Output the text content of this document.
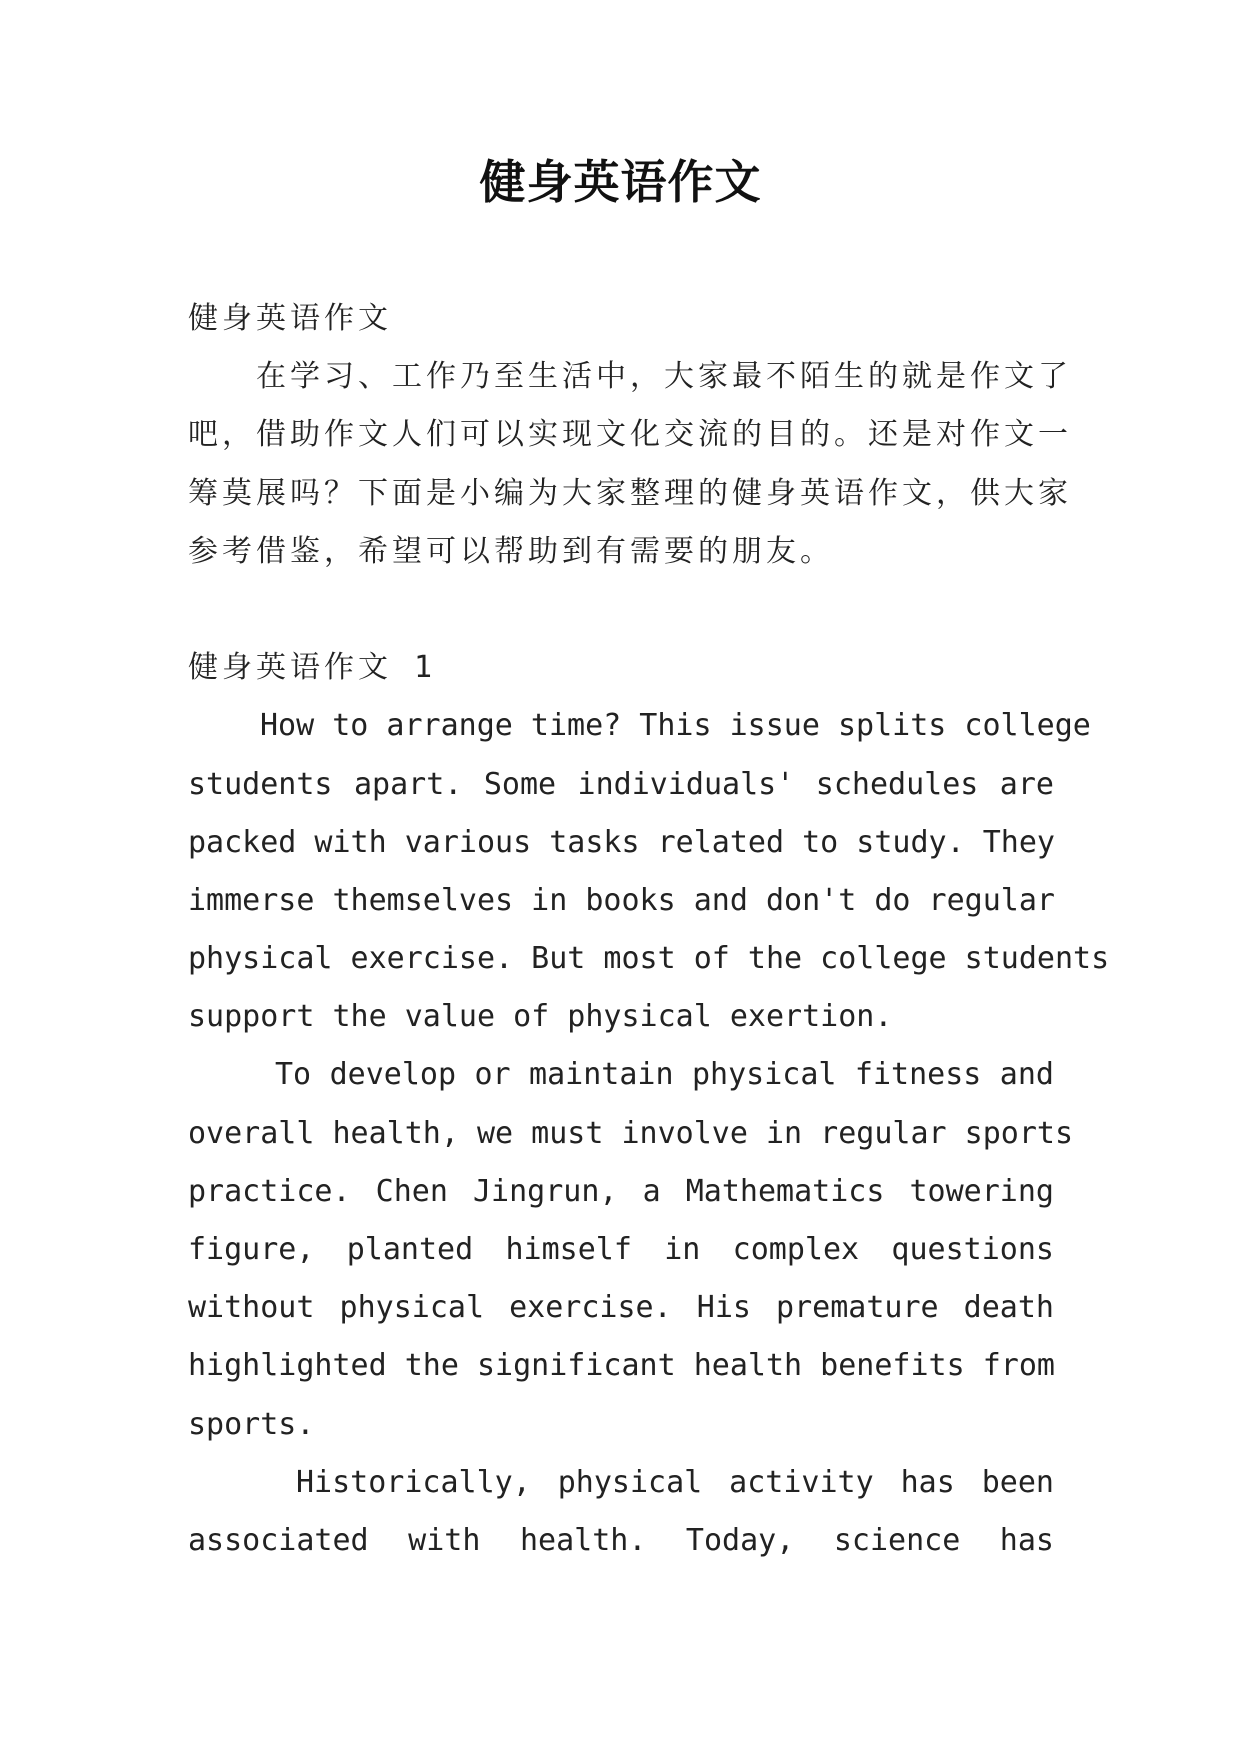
健身英语作文
健身英语作文
在学习、工作乃至生活中，大家最不陌生的就是作文了
吧，借助作文人们可以实现文化交流的目的。还是对作文一
筹莫展吗？下面是小编为大家整理的健身英语作文，供大家
参考借鉴，希望可以帮助到有需要的朋友。
健身英语作文 1
How to arrange time? This issue splits college
students apart. Some individuals' schedules are
packed with various tasks related to study. They
immerse themselves in books and don't do regular
physical exercise. But most of the college students
support the value of physical exertion.
To develop or maintain physical fitness and
overall health, we must involve in regular sports
practice. Chen Jingrun, a Mathematics towering
figure, planted himself in complex questions
without physical exercise. His premature death
highlighted the significant health benefits from
sports.
Historically, physical activity has been
associated with health. Today, science has
